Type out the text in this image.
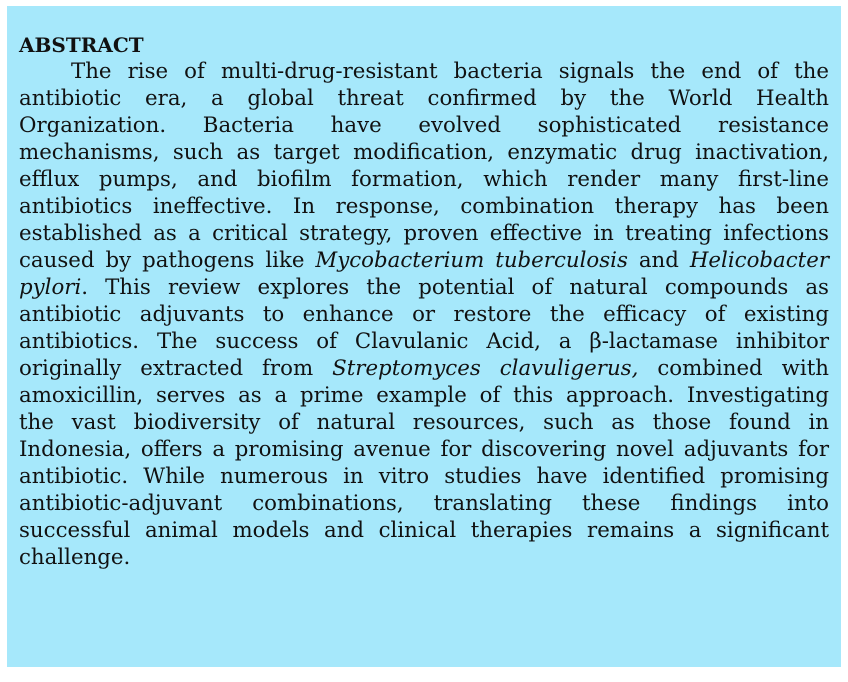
ABSTRACT
The rise of multi-drug-resistant bacteria signals the end of the
antibiotic era, a global threat confirmed by the World Health
Organization. Bacteria have evolved sophisticated resistance
mechanisms, such as target modification, enzymatic drug inactivation,
efflux pumps, and biofilm formation, which render many first-line
antibiotics ineffective. In response, combination therapy has been
established as a critical strategy, proven effective in treating infections
caused by pathogens like Mycobacterium tuberculosis and Helicobacter
pylori. This review explores the potential of natural compounds as
antibiotic adjuvants to enhance or restore the efficacy of existing
antibiotics. The success of Clavulanic Acid, a β-lactamase inhibitor
originally extracted from Streptomyces clavuligerus, combined with
amoxicillin, serves as a prime example of this approach. Investigating
the vast biodiversity of natural resources, such as those found in
Indonesia, offers a promising avenue for discovering novel adjuvants for
antibiotic. While numerous in vitro studies have identified promising
antibiotic-adjuvant combinations, translating these findings into
successful animal models and clinical therapies remains a significant
challenge.
